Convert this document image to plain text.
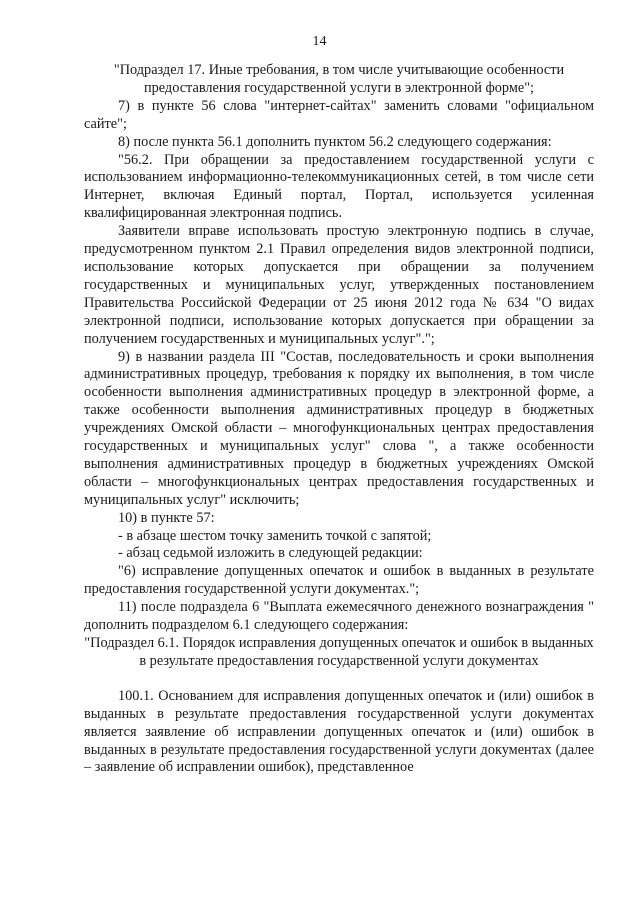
14

"Подраздел 17. Иные требования, в том числе учитывающие особенности предоставления государственной услуги в электронной форме";

7) в пункте 56 слова "интернет-сайтах" заменить словами "официальном сайте";

8) после пункта 56.1 дополнить пунктом 56.2 следующего содержания:

"56.2. При обращении за предоставлением государственной услуги с использованием информационно-телекоммуникационных сетей, в том числе сети Интернет, включая Единый портал, Портал, используется усиленная квалифицированная электронная подпись.

Заявители вправе использовать простую электронную подпись в случае, предусмотренном пунктом 2.1 Правил определения видов электронной подписи, использование которых допускается при обращении за получением государственных и муниципальных услуг, утвержденных постановлением Правительства Российской Федерации от 25 июня 2012 года № 634 "О видах электронной подписи, использование которых допускается при обращении за получением государственных и муниципальных услуг".";

9) в названии раздела III "Состав, последовательность и сроки выполнения административных процедур, требования к порядку их выполнения, в том числе особенности выполнения административных процедур в электронной форме, а также особенности выполнения административных процедур в бюджетных учреждениях Омской области – многофункциональных центрах предоставления государственных и муниципальных услуг" слова ", а также особенности выполнения административных процедур в бюджетных учреждениях Омской области – многофункциональных центрах предоставления государственных и муниципальных услуг" исключить;

10) в пункте 57:

- в абзаце шестом точку заменить точкой с запятой;

- абзац седьмой изложить в следующей редакции:

"6) исправление допущенных опечаток и ошибок в выданных в результате предоставления государственной услуги документах.";

11) после подраздела 6 "Выплата ежемесячного денежного вознаграждения " дополнить подразделом 6.1 следующего содержания:

"Подраздел 6.1. Порядок исправления допущенных опечаток и ошибок в выданных в результате предоставления государственной услуги документах

100.1. Основанием для исправления допущенных опечаток и (или) ошибок в выданных в результате предоставления государственной услуги документах является заявление об исправлении допущенных опечаток и (или) ошибок в выданных в результате предоставления государственной услуги документах (далее – заявление об исправлении ошибок), представленное
